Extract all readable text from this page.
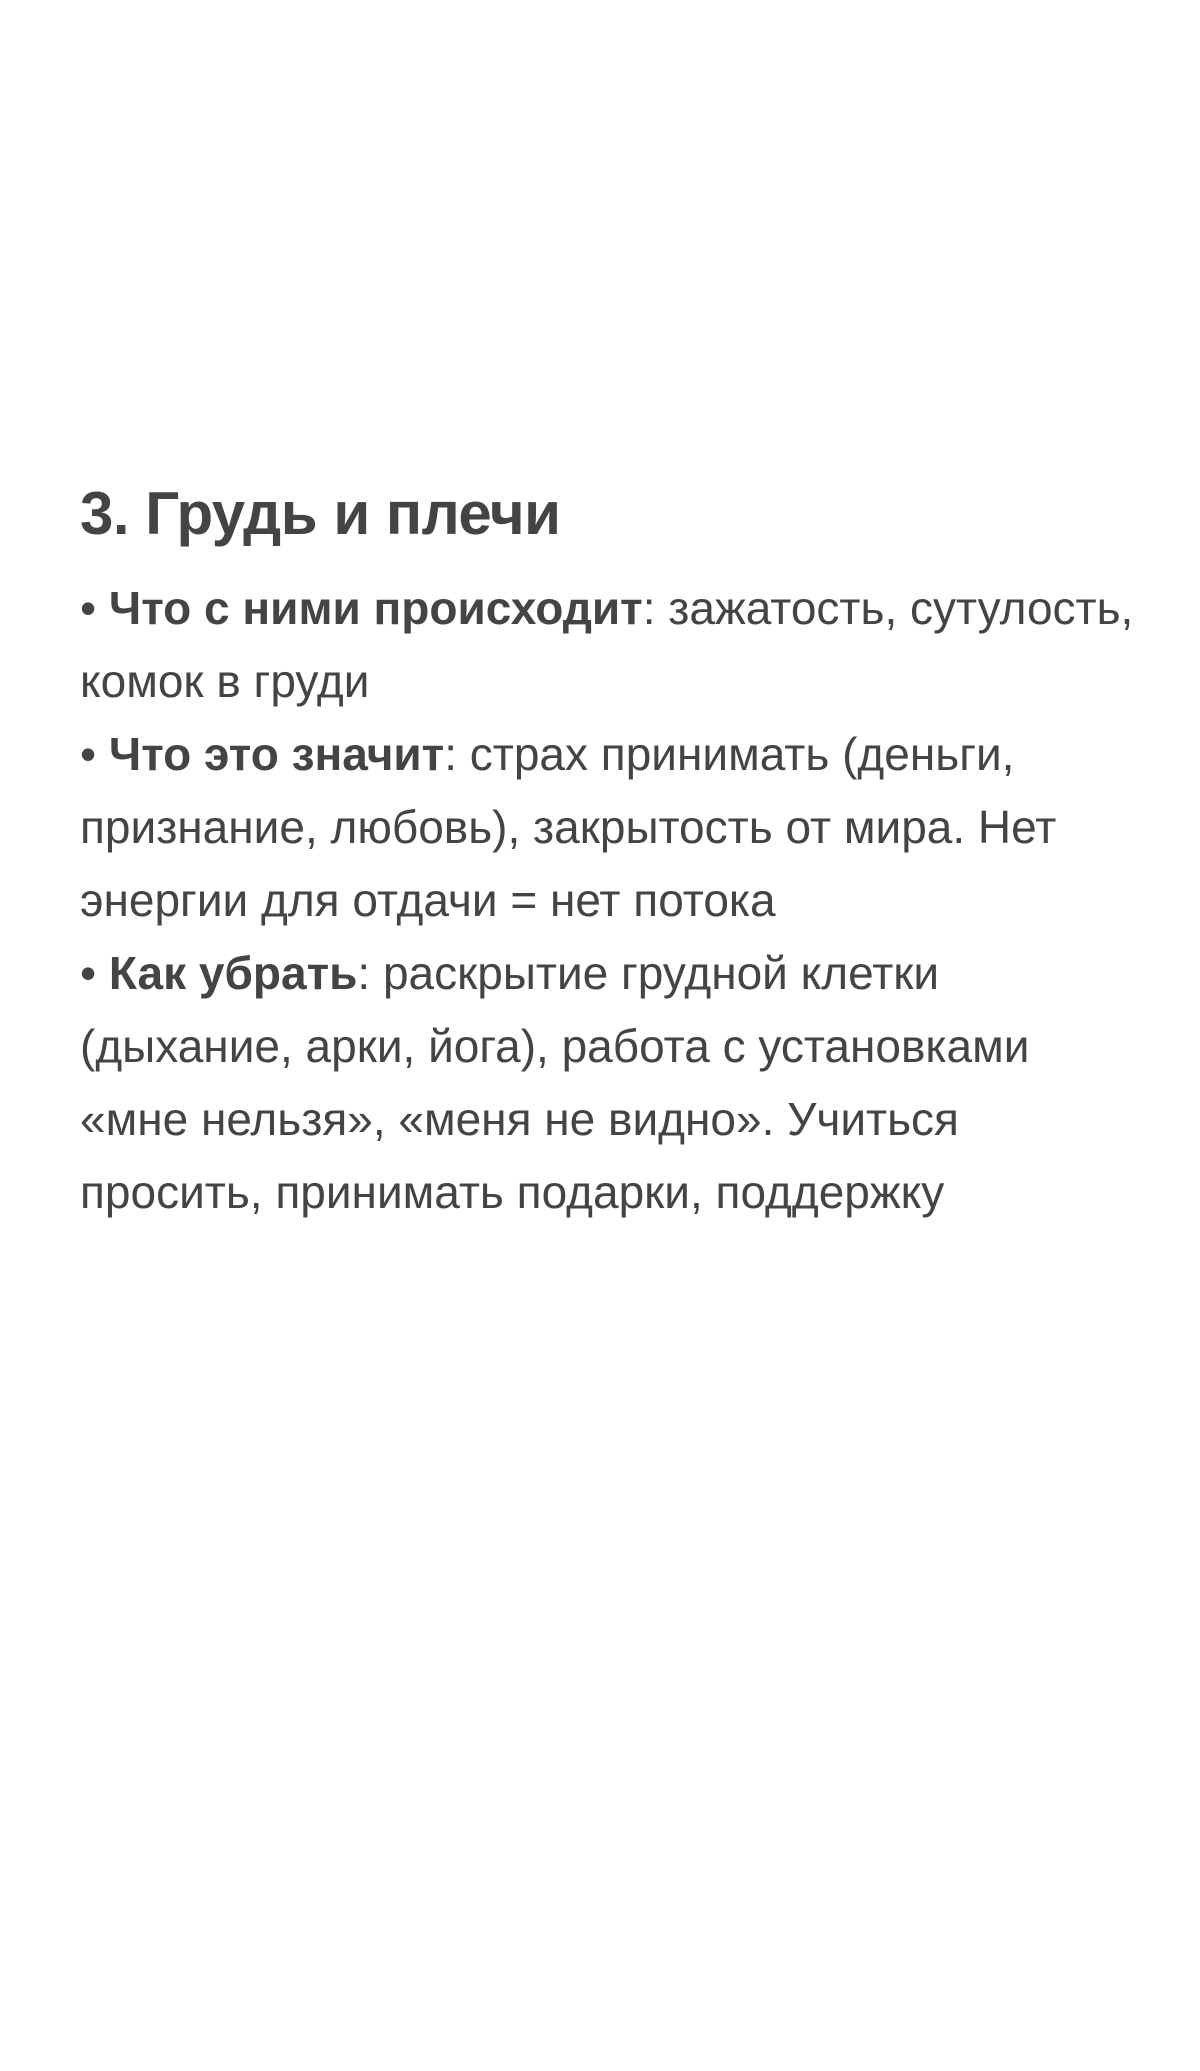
3. Грудь и плечи

• Что с ними происходит: зажатость, сутулость, комок в груди

• Что это значит: страх принимать (деньги, признание, любовь), закрытость от мира. Нет энергии для отдачи = нет потока

• Как убрать: раскрытие грудной клетки (дыхание, арки, йога), работа с установками «мне нельзя», «меня не видно». Учиться просить, принимать подарки, поддержку
